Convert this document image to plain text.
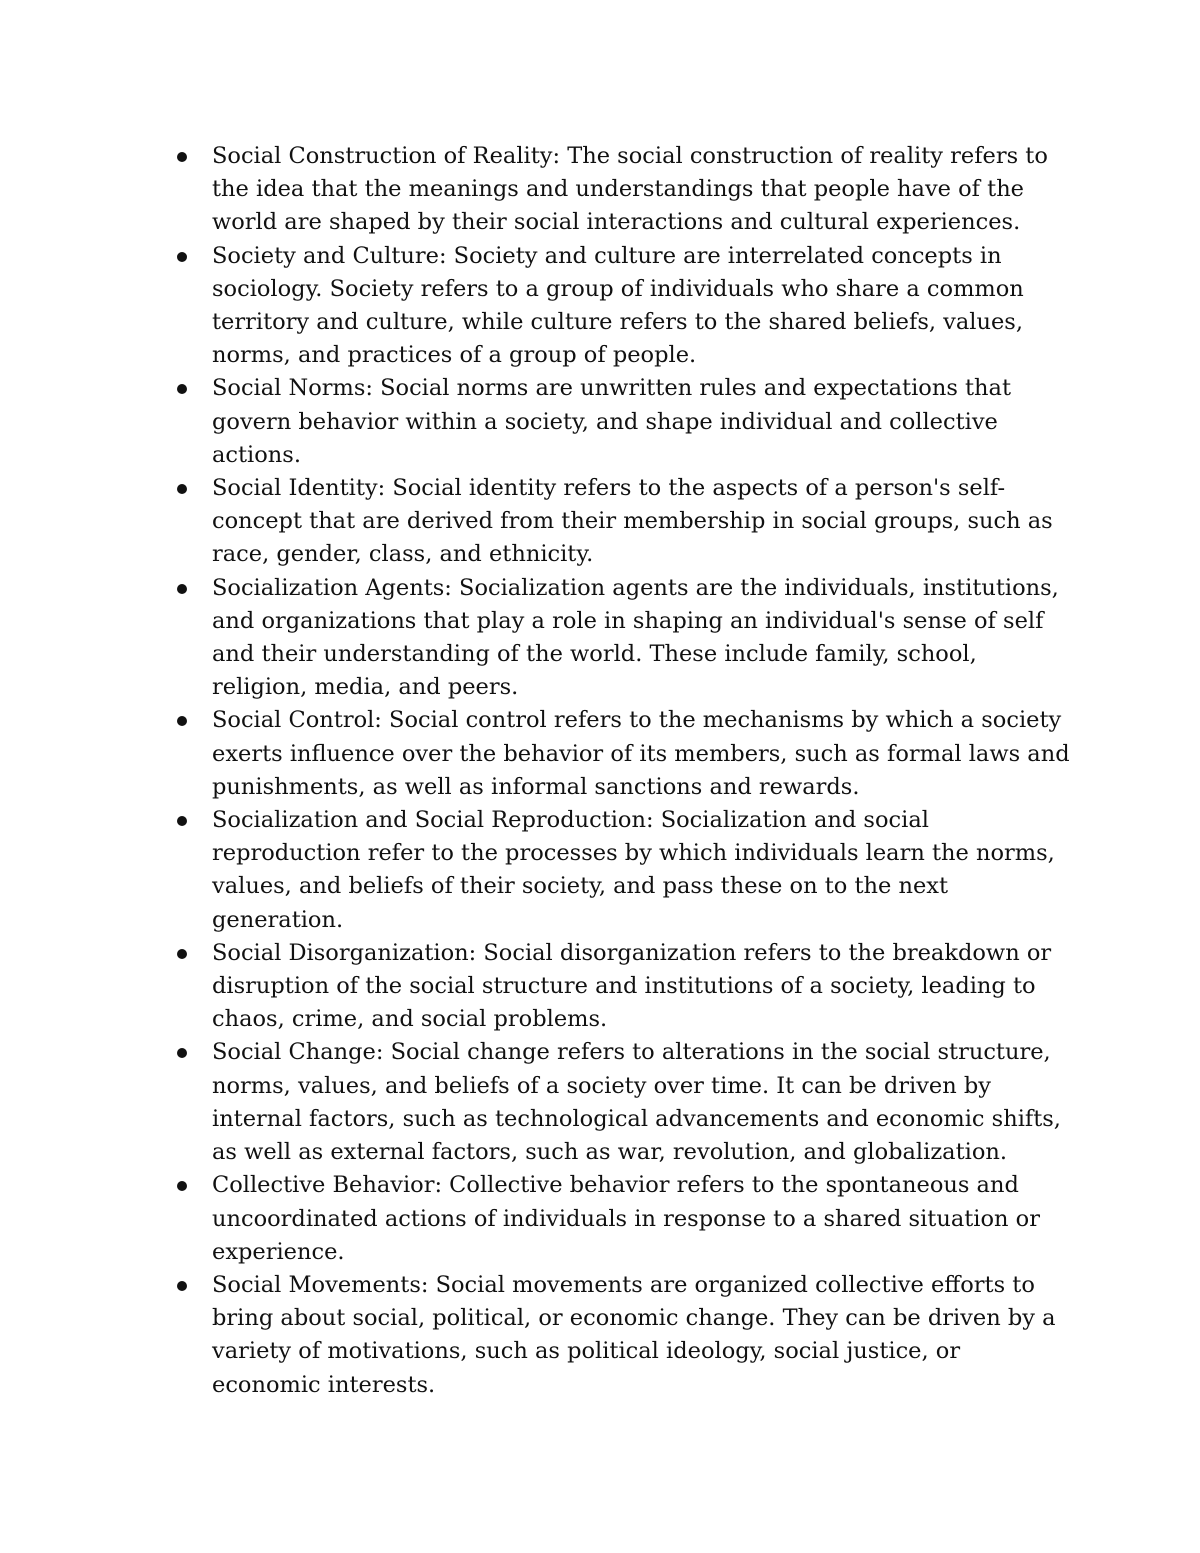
Social Construction of Reality: The social construction of reality refers to the idea that the meanings and understandings that people have of the world are shaped by their social interactions and cultural experiences.
Society and Culture: Society and culture are interrelated concepts in sociology. Society refers to a group of individuals who share a common territory and culture, while culture refers to the shared beliefs, values, norms, and practices of a group of people.
Social Norms: Social norms are unwritten rules and expectations that govern behavior within a society, and shape individual and collective actions.
Social Identity: Social identity refers to the aspects of a person's self-concept that are derived from their membership in social groups, such as race, gender, class, and ethnicity.
Socialization Agents: Socialization agents are the individuals, institutions, and organizations that play a role in shaping an individual's sense of self and their understanding of the world. These include family, school, religion, media, and peers.
Social Control: Social control refers to the mechanisms by which a society exerts influence over the behavior of its members, such as formal laws and punishments, as well as informal sanctions and rewards.
Socialization and Social Reproduction: Socialization and social reproduction refer to the processes by which individuals learn the norms, values, and beliefs of their society, and pass these on to the next generation.
Social Disorganization: Social disorganization refers to the breakdown or disruption of the social structure and institutions of a society, leading to chaos, crime, and social problems.
Social Change: Social change refers to alterations in the social structure, norms, values, and beliefs of a society over time. It can be driven by internal factors, such as technological advancements and economic shifts, as well as external factors, such as war, revolution, and globalization.
Collective Behavior: Collective behavior refers to the spontaneous and uncoordinated actions of individuals in response to a shared situation or experience.
Social Movements: Social movements are organized collective efforts to bring about social, political, or economic change. They can be driven by a variety of motivations, such as political ideology, social justice, or economic interests.
